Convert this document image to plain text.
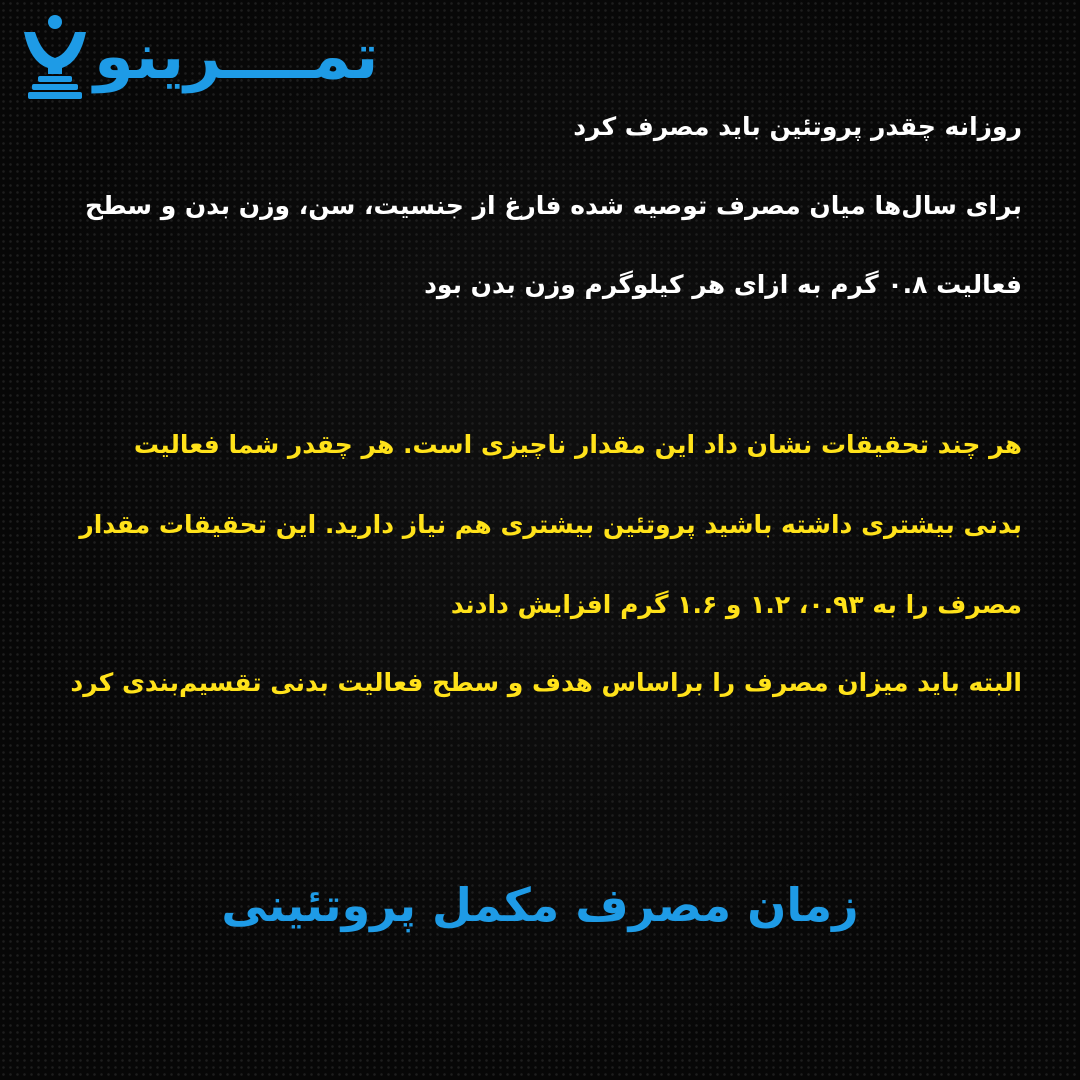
تمــــرینو

روزانه چقدر پروتئین باید مصرف کرد

برای سال‌ها میان مصرف توصیه شده فارغ از جنسیت، سن، وزن بدن و سطح

فعالیت ۰.۸ گرم به ازای هر کیلوگرم وزن بدن بود

هر چند تحقیقات نشان داد این مقدار ناچیزی است. هر چقدر شما فعالیت

بدنی بیشتری داشته باشید پروتئین بیشتری هم نیاز دارید. این تحقیقات مقدار

مصرف را به ۰.۹۳، ۱.۲ و ۱.۶ گرم افزایش دادند

البته باید میزان مصرف را براساس هدف و سطح فعالیت بدنی تقسیم‌بندی کرد

زمان مصرف مکمل پروتئینی
